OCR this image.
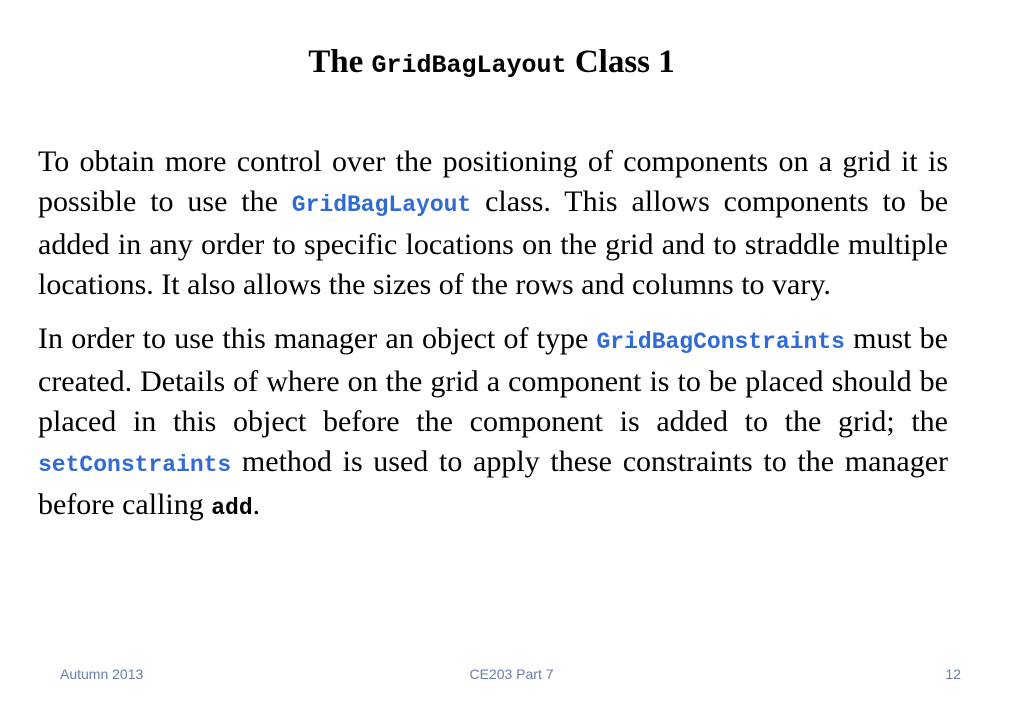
The GridBagLayout Class 1

To obtain more control over the positioning of components on a grid it is possible to use the GridBagLayout class. This allows components to be added in any order to specific locations on the grid and to straddle multiple locations. It also allows the sizes of the rows and columns to vary.

In order to use this manager an object of type GridBagConstraints must be created. Details of where on the grid a component is to be placed should be placed in this object before the component is added to the grid; the setConstraints method is used to apply these constraints to the manager before calling add.

Autumn 2013	CE203 Part 7	12
